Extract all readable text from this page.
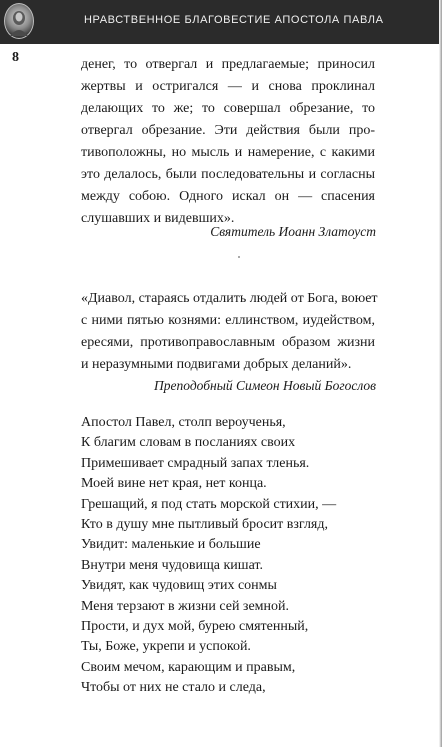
НРАВСТВЕННОЕ БЛАГОВЕСТИЕ АПОСТОЛА ПАВЛА
8	денег, то отвергал и предлагаемые; приносил
жертвы и остригался — и снова проклинал
делающих то же; то совершал обрезание, то
отвергал обрезание. Эти действия были про-
тивоположны, но мысль и намерение, с какими
это делалось, были последовательны и согласны
между собою. Одного искал он — спасения
слушавших и видевших».
Святитель Иоанн Златоуст
«Диавол, стараясь отдалить людей от Бога, воюет
с ними пятью кознями: еллинством, иудейством,
ересями, противоправославным образом жизни
и неразумными подвигами добрых деланий».
Преподобный Симеон Новый Богослов
Апостол Павел, столп вероученья,
К благим словам в посланиях своих
Примешивает смрадный запах тленья.
Моей вине нет края, нет конца.
Грешащий, я под стать морской стихии, —
Кто в душу мне пытливый бросит взгляд,
Увидит: маленькие и большие
Внутри меня чудовища кишат.
Увидят, как чудовищ этих сонмы
Меня терзают в жизни сей земной.
Прости, и дух мой, бурею смятенный,
Ты, Боже, укрепи и успокой.
Своим мечом, карающим и правым,
Чтобы от них не стало и следа,
